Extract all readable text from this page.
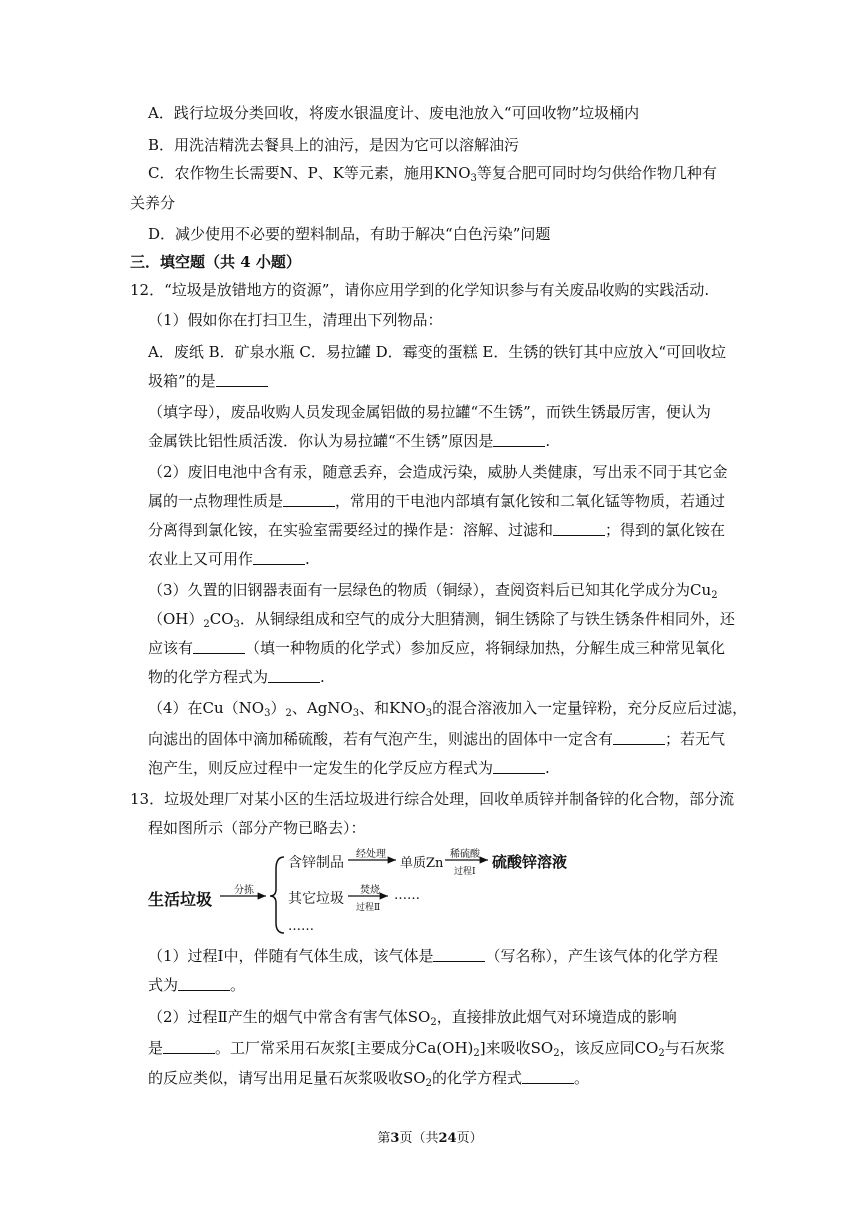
A．践行垃圾分类回收，将废水银温度计、废电池放入“可回收物”垃圾桶内
B．用洗洁精洗去餐具上的油污，是因为它可以溶解油污
C．农作物生长需要N、P、K等元素，施用$KNO_3$等复合肥可同时均匀供给作物几种有
关养分
D．减少使用不必要的塑料制品，有助于解决“白色污染”问题
三．填空题（共 4 小题）
12．“垃圾是放错地方的资源”，请你应用学到的化学知识参与有关废品收购的实践活动.
（1）假如你在打扫卫生，清理出下列物品：
A．废纸 B．矿泉水瓶 C．易拉罐 D．霉变的蛋糕 E．生锈的铁钉其中应放入“可回收垃
圾箱”的是
（填字母），废品收购人员发现金属铝做的易拉罐“不生锈”，而铁生锈最厉害，便认为
金属铁比铝性质活泼．你认为易拉罐“不生锈”原因是	.
（2）废旧电池中含有汞，随意丢弃，会造成污染，威胁人类健康，写出汞不同于其它金
属的一点物理性质是	，常用的干电池内部填有氯化铵和二氧化锰等物质，若通过
分离得到氯化铵，在实验室需要经过的操作是：溶解、过滤和	；得到的氯化铵在
农业上又可用作	.
（3）久置的旧钢器表面有一层绿色的物质（铜绿），查阅资料后已知其化学成分为$Cu_2$
$(OH)_2CO_3$．从铜绿组成和空气的成分大胆猜测，铜生锈除了与铁生锈条件相同外，还
应该有	（填一种物质的化学式）参加反应，将铜绿加热，分解生成三种常见氧化
物的化学方程式为	.
（4）在$Cu(NO_3)_2$、AgNO$_3$、和$KNO_3$的混合溶液加入一定量锌粉，充分反应后过滤，
向滤出的固体中滴加稀硫酸，若有气泡产生，则滤出的固体中一定含有	；若无气
泡产生，则反应过程中一定发生的化学反应方程式为	.
13．垃圾处理厂对某小区的生活垃圾进行综合处理，回收单质锌并制备锌的化合物，部分流
程如图所示（部分产物已略去）：
生活垃圾 分拣
含锌制品
经处理
单质Zn
稀硫酸
过程Ⅰ
硫酸锌溶液
其它垃圾
焚烧
过程Ⅱ
……
……
（1）过程Ⅰ中，伴随有气体生成，该气体是	（写名称），产生该气体的化学方程
式为	。
（2）过程Ⅱ产生的烟气中常含有害气体$SO_2$，直接排放此烟气对环境造成的影响
是	。工厂常采用石灰浆[主要成分$Ca(OH)_2$]来吸收$SO_2$，该反应同$CO_2$与石灰浆
的反应类似，请写出用足量石灰浆吸收$SO_2$的化学方程式	。
第3页（共24页）
